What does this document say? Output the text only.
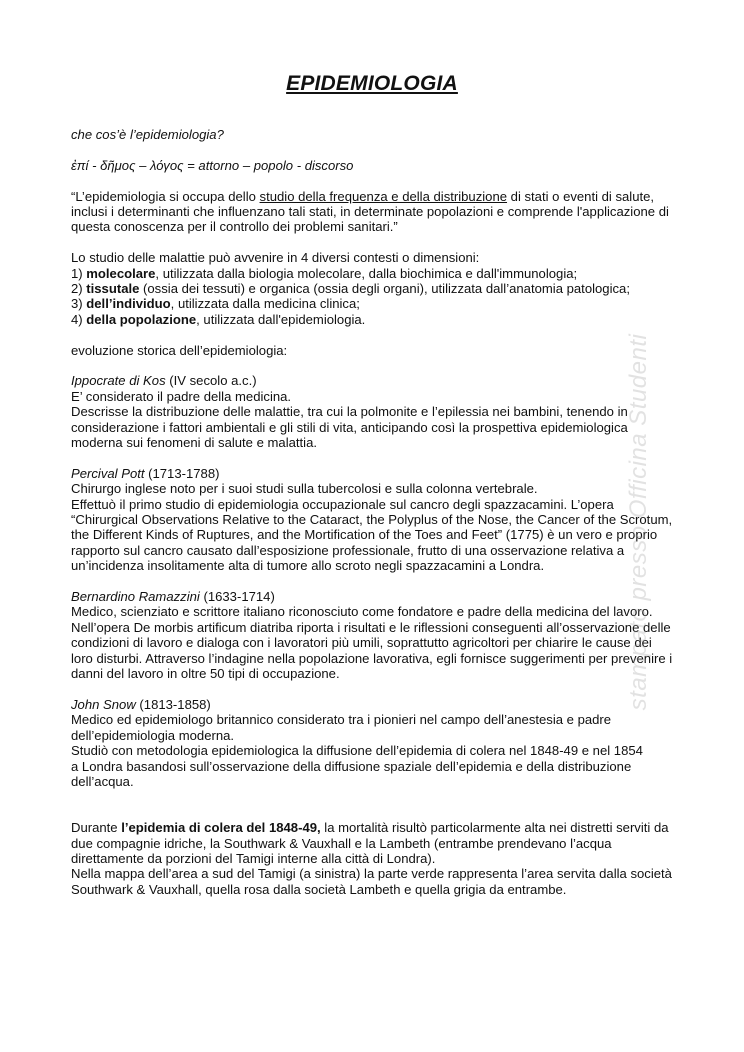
EPIDEMIOLOGIA

che cos’è l’epidemiologia?

ἐπί - δῆμος – λόγος = attorno – popolo - discorso

“L’epidemiologia si occupa dello studio della frequenza e della distribuzione di stati o eventi di salute, inclusi i determinanti che influenzano tali stati, in determinate popolazioni e comprende l'applicazione di questa conoscenza per il controllo dei problemi sanitari.”

Lo studio delle malattie può avvenire in 4 diversi contesti o dimensioni:

1) molecolare, utilizzata dalla biologia molecolare, dalla biochimica e dall'immunologia;

2) tissutale (ossia dei tessuti) e organica (ossia degli organi), utilizzata dall’anatomia patologica;

3) dell’individuo, utilizzata dalla medicina clinica;

4) della popolazione, utilizzata dall'epidemiologia.

evoluzione storica dell’epidemiologia:

Ippocrate di Kos (IV secolo a.c.)

E’ considerato il padre della medicina.

Descrisse la distribuzione delle malattie, tra cui la polmonite e l’epilessia nei bambini, tenendo in considerazione i fattori ambientali e gli stili di vita, anticipando così la prospettiva epidemiologica moderna sui fenomeni di salute e malattia.

Percival Pott (1713-1788)

Chirurgo inglese noto per i suoi studi sulla tubercolosi e sulla colonna vertebrale.

Effettuò il primo studio di epidemiologia occupazionale sul cancro degli spazzacamini. L’opera “Chirurgical Observations Relative to the Cataract, the Polyplus of the Nose, the Cancer of the Scrotum, the Different Kinds of Ruptures, and the Mortification of the Toes and Feet” (1775) è un vero e proprio rapporto sul cancro causato dall’esposizione professionale, frutto di una osservazione relativa a un’incidenza insolitamente alta di tumore allo scroto negli spazzacamini a Londra.

Bernardino Ramazzini (1633-1714)

Medico, scienziato e scrittore italiano riconosciuto come fondatore e padre della medicina del lavoro.

Nell’opera De morbis artificum diatriba riporta i risultati e le riflessioni conseguenti all’osservazione delle condizioni di lavoro e dialoga con i lavoratori più umili, soprattutto agricoltori per chiarire le cause dei loro disturbi. Attraverso l’indagine nella popolazione lavorativa, egli fornisce suggerimenti per prevenire i danni del lavoro in oltre 50 tipi di occupazione.

John Snow (1813-1858)

Medico ed epidemiologo britannico considerato tra i pionieri nel campo dell’anestesia e padre dell’epidemiologia moderna.

Studiò con metodologia epidemiologica la diffusione dell’epidemia di colera nel 1848-49 e nel 1854

a Londra basandosi sull’osservazione della diffusione spaziale dell’epidemia e della distribuzione dell’acqua.

Durante l’epidemia di colera del 1848-49, la mortalità risultò particolarmente alta nei distretti serviti da due compagnie idriche, la Southwark & Vauxhall e la Lambeth (entrambe prendevano l’acqua direttamente da porzioni del Tamigi interne alla città di Londra).

Nella mappa dell’area a sud del Tamigi (a sinistra) la parte verde rappresenta l’area servita dalla società Southwark & Vauxhall, quella rosa dalla società Lambeth e quella grigia da entrambe.

stampato presso Officina Studenti
